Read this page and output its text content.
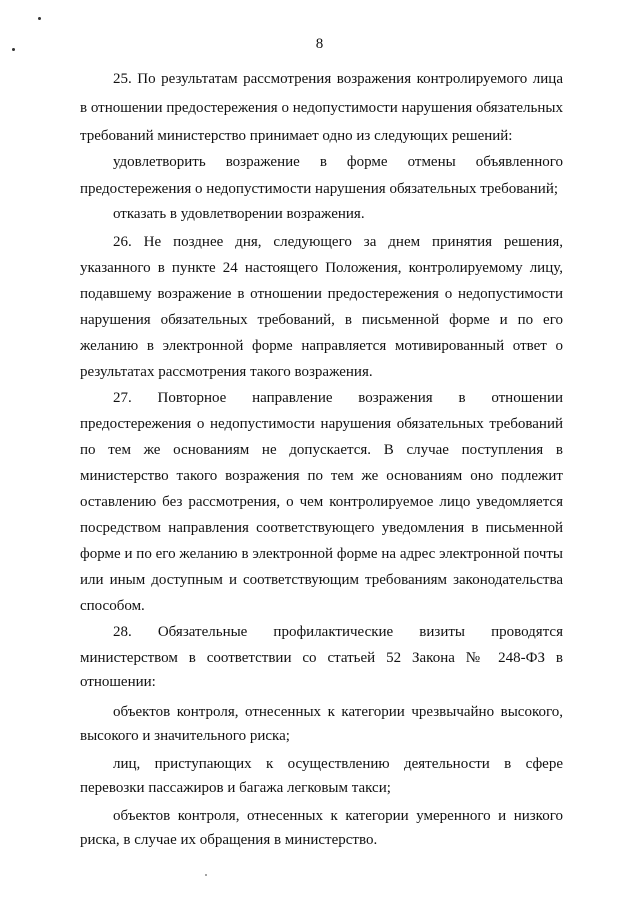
8
25. По результатам рассмотрения возражения контролируемого лица
в отношении предостережения о недопустимости нарушения обязательных
требований министерство принимает одно из следующих решений:
удовлетворить возражение в форме отмены объявленного
предостережения о недопустимости нарушения обязательных требований;
отказать в удовлетворении возражения.
26. Не позднее дня, следующего за днем принятия решения,
указанного в пункте 24 настоящего Положения, контролируемому лицу,
подавшему возражение в отношении предостережения о недопустимости
нарушения обязательных требований, в письменной форме и по его
желанию в электронной форме направляется мотивированный ответ о
результатах рассмотрения такого возражения.
27. Повторное направление возражения в отношении
предостережения о недопустимости нарушения обязательных требований
по тем же основаниям не допускается. В случае поступления в
министерство такого возражения по тем же основаниям оно подлежит
оставлению без рассмотрения, о чем контролируемое лицо уведомляется
посредством направления соответствующего уведомления в письменной
форме и по его желанию в электронной форме на адрес электронной почты
или иным доступным и соответствующим требованиям законодательства
способом.
28. Обязательные профилактические визиты проводятся
министерством в соответствии со статьей 52 Закона № 248-ФЗ в
отношении:
объектов контроля, отнесенных к категории чрезвычайно высокого,
высокого и значительного риска;
лиц, приступающих к осуществлению деятельности в сфере
перевозки пассажиров и багажа легковым такси;
объектов контроля, отнесенных к категории умеренного и низкого
риска, в случае их обращения в министерство.
